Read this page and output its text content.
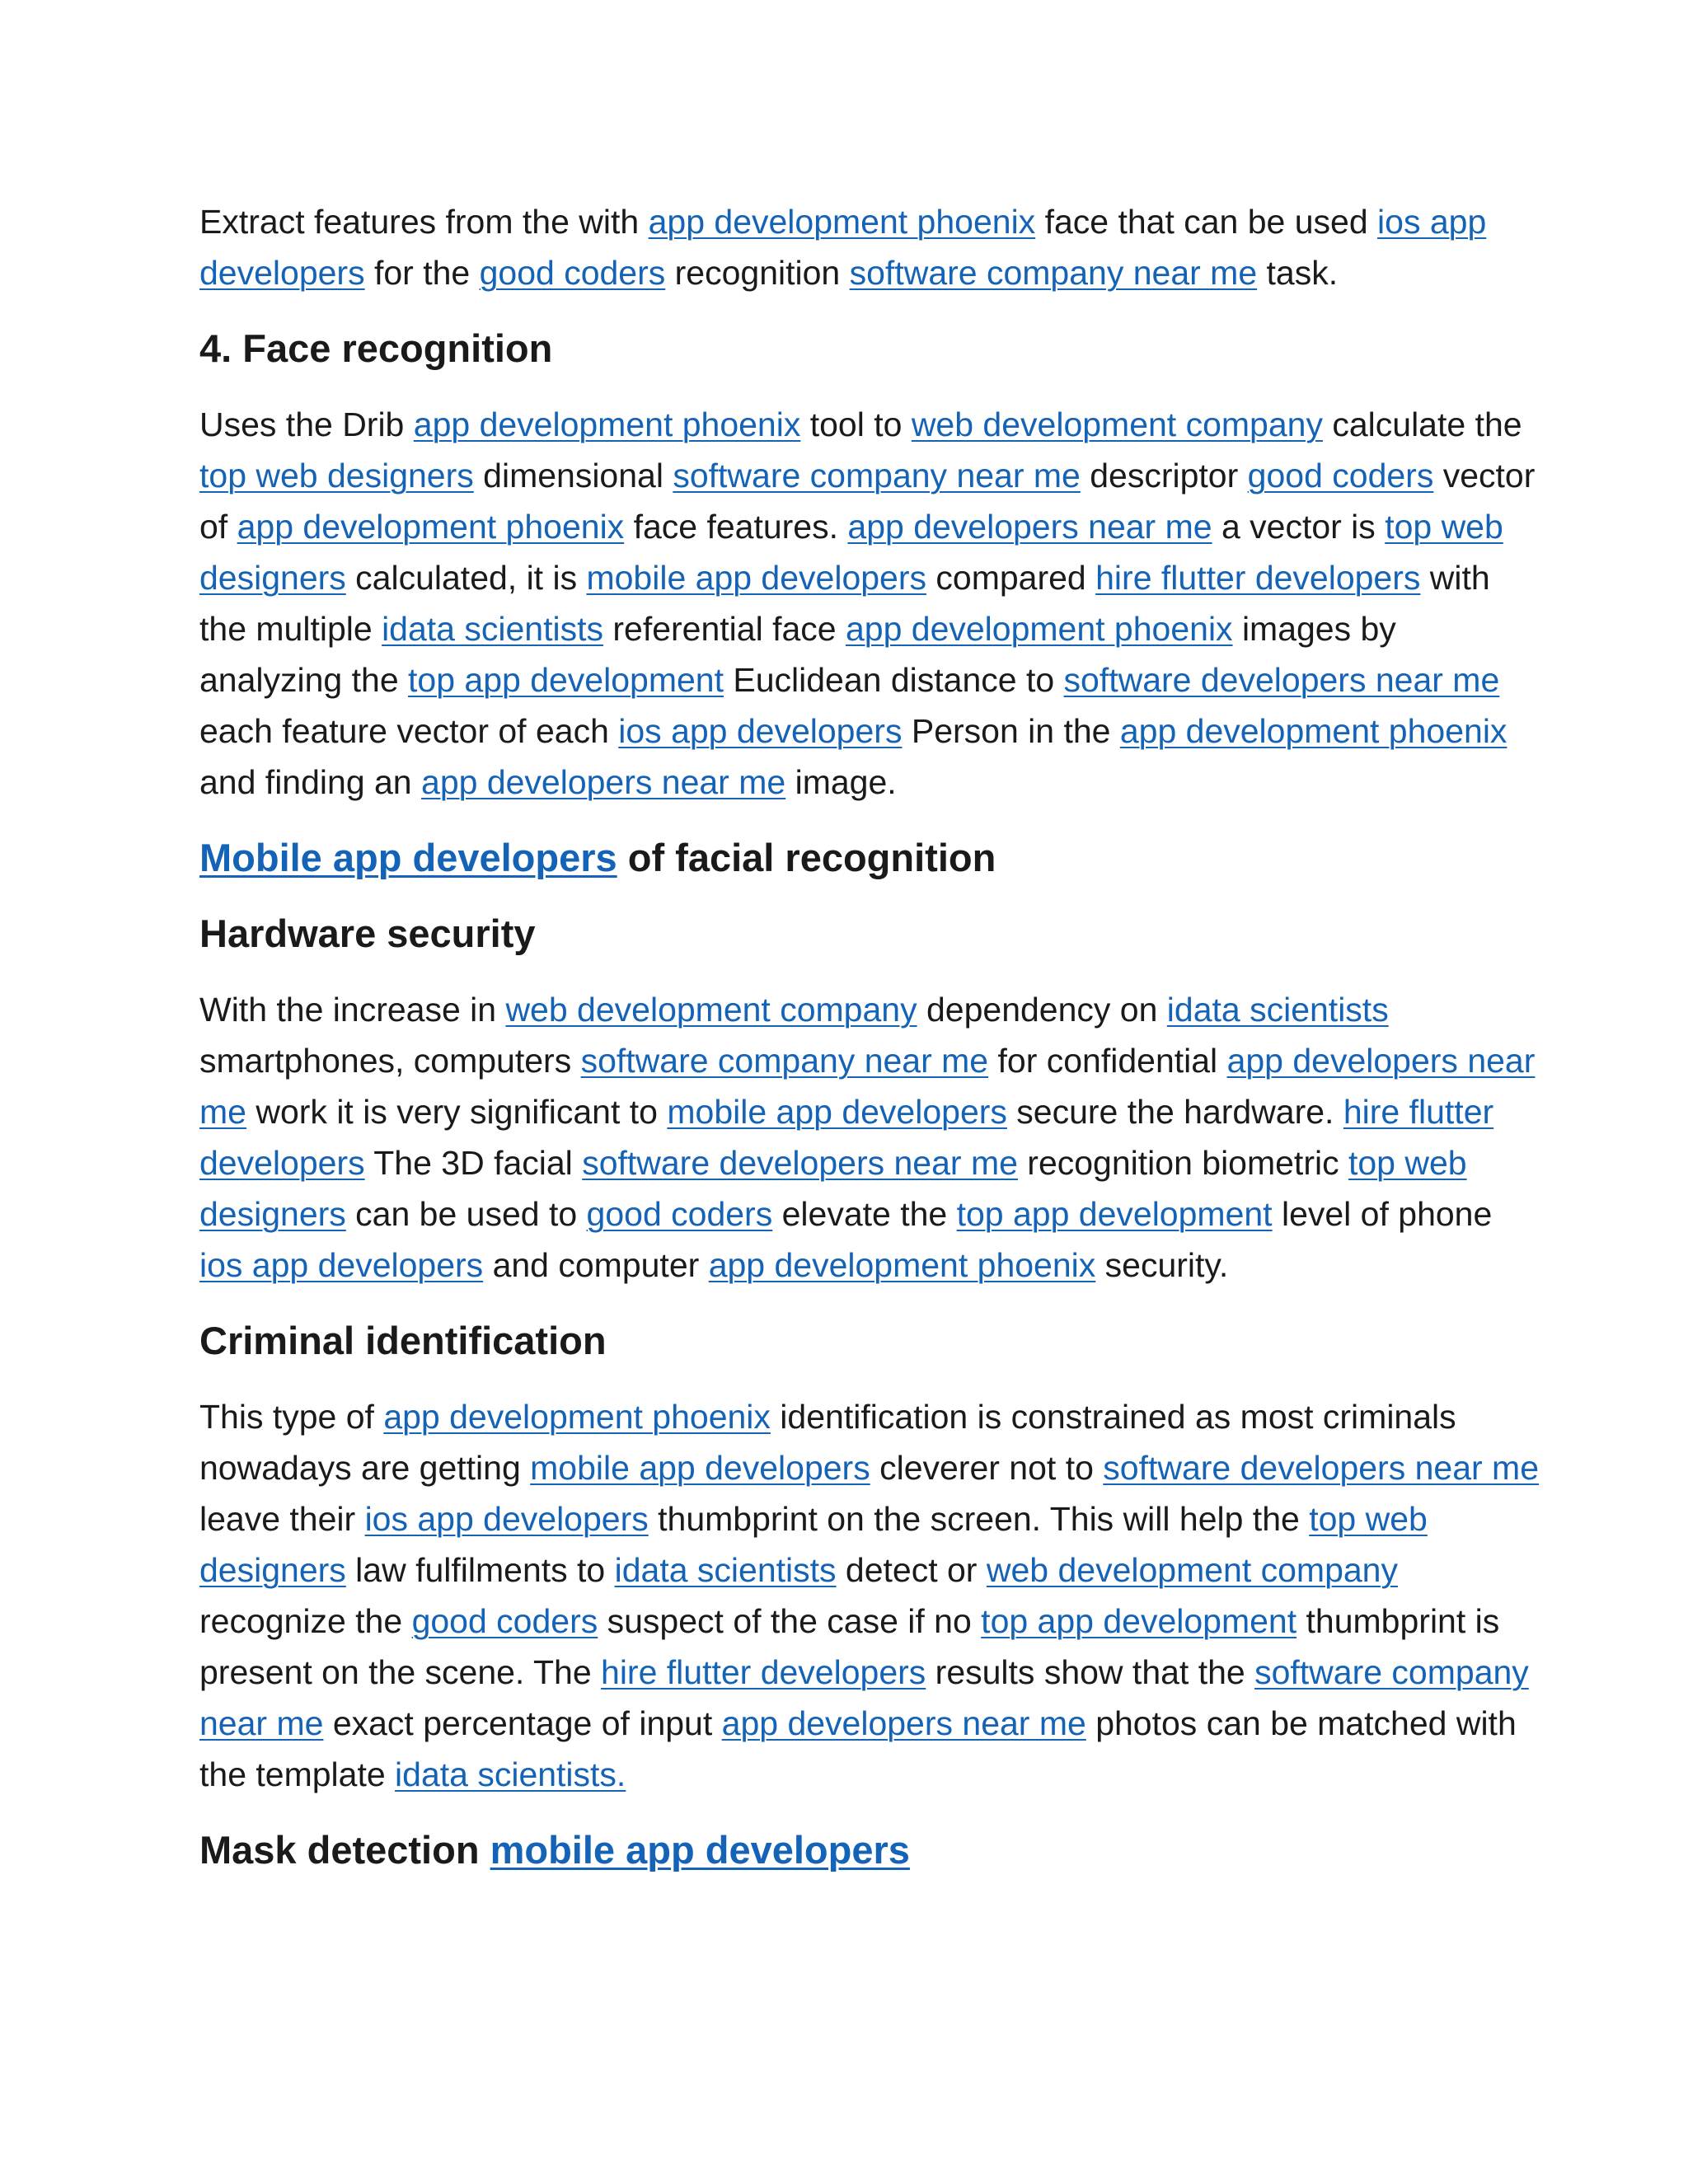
Extract features from the with app development phoenix face that can be used ios app developers for the good coders recognition software company near me task.

4. Face recognition

Uses the Drib app development phoenix tool to web development company calculate the top web designers dimensional software company near me descriptor good coders vector of app development phoenix face features. app developers near me a vector is top web designers calculated, it is mobile app developers compared hire flutter developers with the multiple idata scientists referential face app development phoenix images by analyzing the top app development Euclidean distance to software developers near me each feature vector of each ios app developers Person in the app development phoenix and finding an app developers near me image.

Mobile app developers of facial recognition
Hardware security

With the increase in web development company dependency on idata scientists smartphones, computers software company near me for confidential app developers near me work it is very significant to mobile app developers secure the hardware. hire flutter developers The 3D facial software developers near me recognition biometric top web designers can be used to good coders elevate the top app development level of phone ios app developers and computer app development phoenix security.

Criminal identification

This type of app development phoenix identification is constrained as most criminals nowadays are getting mobile app developers cleverer not to software developers near me leave their ios app developers thumbprint on the screen. This will help the top web designers law fulfilments to idata scientists detect or web development company recognize the good coders suspect of the case if no top app development thumbprint is present on the scene. The hire flutter developers results show that the software company near me exact percentage of input app developers near me photos can be matched with the template idata scientists.

Mask detection mobile app developers
